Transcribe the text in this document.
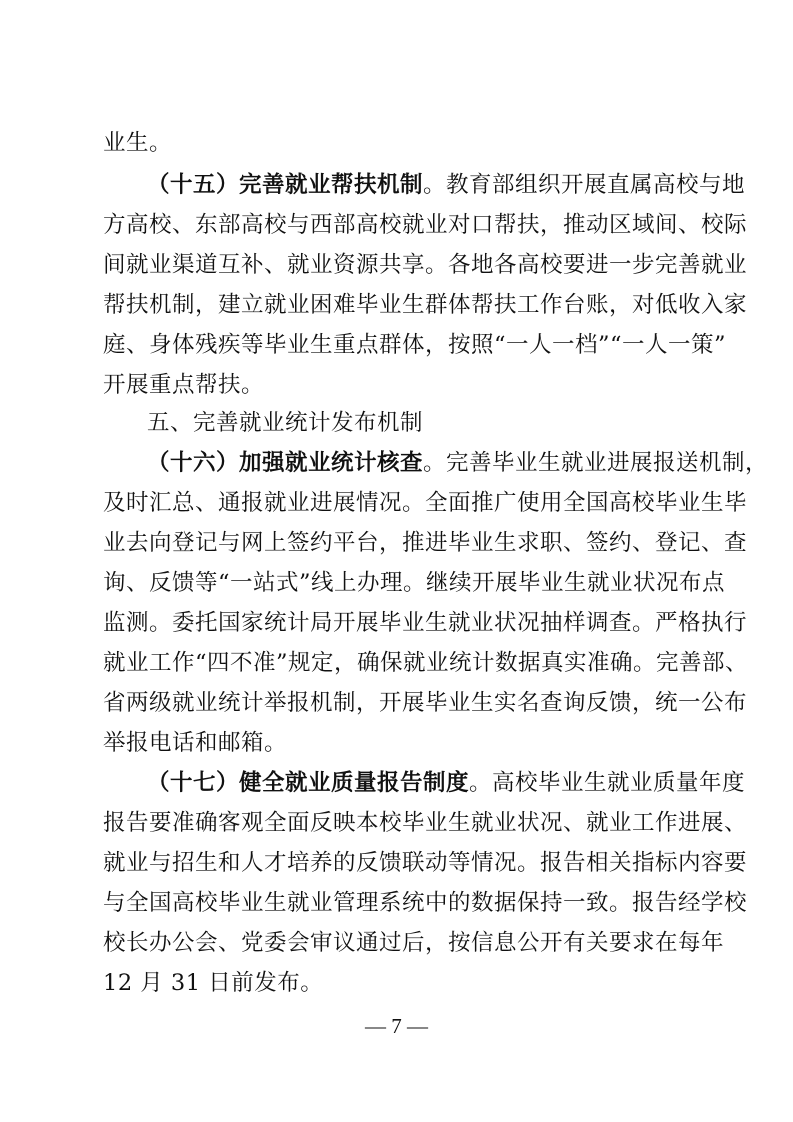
业生。
（十五）完善就业帮扶机制。教育部组织开展直属高校与地
方高校、东部高校与西部高校就业对口帮扶，推动区域间、校际
间就业渠道互补、就业资源共享。各地各高校要进一步完善就业
帮扶机制，建立就业困难毕业生群体帮扶工作台账，对低收入家
庭、身体残疾等毕业生重点群体，按照“一人一档”“一人一策”
开展重点帮扶。
五、完善就业统计发布机制
（十六）加强就业统计核查。完善毕业生就业进展报送机制，
及时汇总、通报就业进展情况。全面推广使用全国高校毕业生毕
业去向登记与网上签约平台，推进毕业生求职、签约、登记、查
询、反馈等“一站式”线上办理。继续开展毕业生就业状况布点
监测。委托国家统计局开展毕业生就业状况抽样调查。严格执行
就业工作“四不准”规定，确保就业统计数据真实准确。完善部、
省两级就业统计举报机制，开展毕业生实名查询反馈，统一公布
举报电话和邮箱。
（十七）健全就业质量报告制度。高校毕业生就业质量年度
报告要准确客观全面反映本校毕业生就业状况、就业工作进展、
就业与招生和人才培养的反馈联动等情况。报告相关指标内容要
与全国高校毕业生就业管理系统中的数据保持一致。报告经学校
校长办公会、党委会审议通过后，按信息公开有关要求在每年
12 月 31 日前发布。
— 7 —
